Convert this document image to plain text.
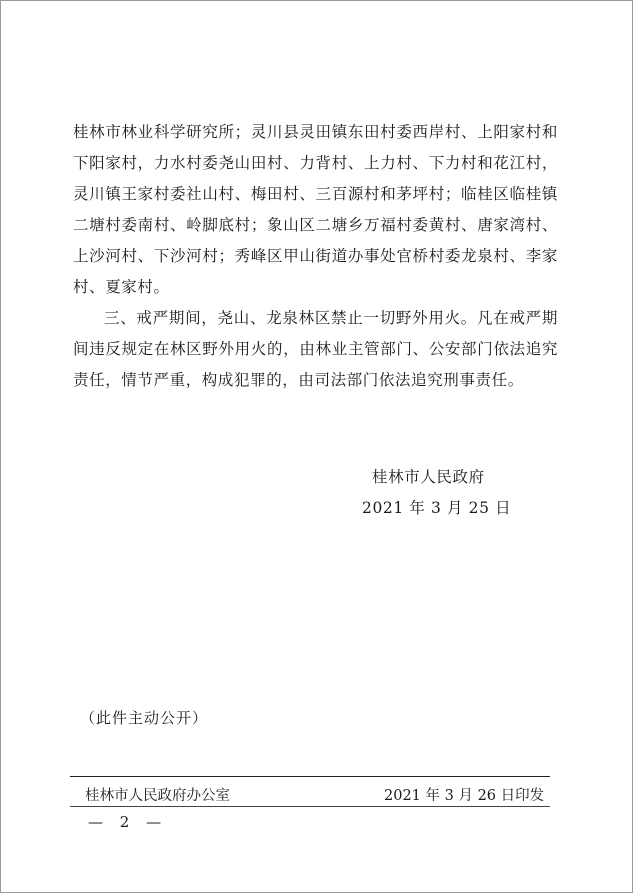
桂林市林业科学研究所；灵川县灵田镇东田村委西岸村、上阳家村和下阳家村，力水村委尧山田村、力背村、上力村、下力村和花江村，灵川镇王家村委社山村、梅田村、三百源村和茅坪村；临桂区临桂镇二塘村委南村、岭脚底村；象山区二塘乡万福村委黄村、唐家湾村、上沙河村、下沙河村；秀峰区甲山街道办事处官桥村委龙泉村、李家村、夏家村。

三、戒严期间，尧山、龙泉林区禁止一切野外用火。凡在戒严期间违反规定在林区野外用火的，由林业主管部门、公安部门依法追究责任，情节严重，构成犯罪的，由司法部门依法追究刑事责任。

桂林市人民政府
2021 年 3 月 25 日
（此件主动公开）
桂林市人民政府办公室	2021 年 3 月 26 日印发
— 2 —
